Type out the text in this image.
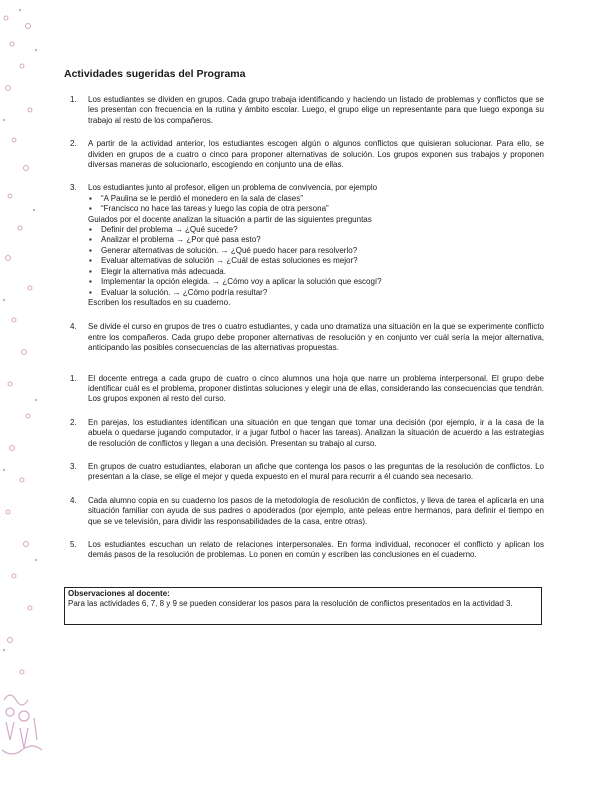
Actividades sugeridas del Programa
1.	Los estudiantes se dividen en grupos. Cada grupo trabaja identificando y haciendo un listado de problemas y conflictos que se les presentan con frecuencia en la rutina y ámbito escolar. Luego, el grupo elige un representante para que luego exponga su trabajo al resto de los compañeros.
2.	A partir de la actividad anterior, los estudiantes escogen algún o algunos conflictos que quisieran solucionar. Para ello, se dividen en grupos de a cuatro o cinco para proponer alternativas de solución. Los grupos exponen sus trabajos y proponen diversas maneras de solucionarlo, escogiendo en conjunto una de ellas.
3.	Los estudiantes junto al profesor, eligen un problema de convivencia, por ejemplo
▪	“A Paulina se le perdió el monedero en la sala de clases”
▪	“Francisco no hace las tareas y luego las copia de otra persona”
Guiados por el docente analizan la situación a partir de las siguientes preguntas
▪	Definir del problema → ¿Qué sucede?
▪	Analizar el problema → ¿Por qué pasa esto?
▪	Generar alternativas de solución. → ¿Qué puedo hacer para resolverlo?
▪	Evaluar alternativas de solución → ¿Cuál de estas soluciones es mejor?
▪	Elegir la alternativa más adecuada.
▪	Implementar la opción elegida. → ¿Cómo voy a aplicar la solución que escogí?
▪	Evaluar la solución. → ¿Cómo podría resultar?
Escriben los resultados en su cuaderno.
4.	Se divide el curso en grupos de tres o cuatro estudiantes, y cada uno dramatiza una situación en la que se experimente conflicto entre los compañeros. Cada grupo debe proponer alternativas de resolución y en conjunto ver cuál sería la mejor alternativa, anticipando las posibles consecuencias de las alternativas propuestas.
1.	El docente entrega a cada grupo de cuatro o cinco alumnos una hoja que narre un problema interpersonal. El grupo debe identificar cuál es el problema, proponer distintas soluciones y elegir una de ellas, considerando las consecuencias que tendrán. Los grupos exponen al resto del curso.
2.	En parejas, los estudiantes identifican una situación en que tengan que tomar una decisión (por ejemplo, ir a la casa de la abuela o quedarse jugando computador, ir a jugar futbol o hacer las tareas). Analizan la situación de acuerdo a las estrategias de resolución de conflictos y llegan a una decisión. Presentan su trabajo al curso.
3.	En grupos de cuatro estudiantes, elaboran un afiche que contenga los pasos o las preguntas de la resolución de conflictos. Lo presentan a la clase, se elige el mejor y queda expuesto en el mural para recurrir a él cuando sea necesario.
4.	Cada alumno copia en su cuaderno los pasos de la metodología de resolución de conflictos, y lleva de tarea el aplicarla en una situación familiar con ayuda de sus padres o apoderados (por ejemplo, ante peleas entre hermanos, para definir el tiempo en que se ve televisión, para dividir las responsabilidades de la casa, entre otras).
5.	Los estudiantes escuchan un relato de relaciones interpersonales. En forma individual, reconocer el conflicto y aplican los demás pasos de la resolución de problemas. Lo ponen en común y escriben las conclusiones en el cuaderno.
Observaciones al docente:
Para las actividades 6, 7, 8 y 9 se pueden considerar los pasos para la resolución de conflictos presentados en la actividad 3.
